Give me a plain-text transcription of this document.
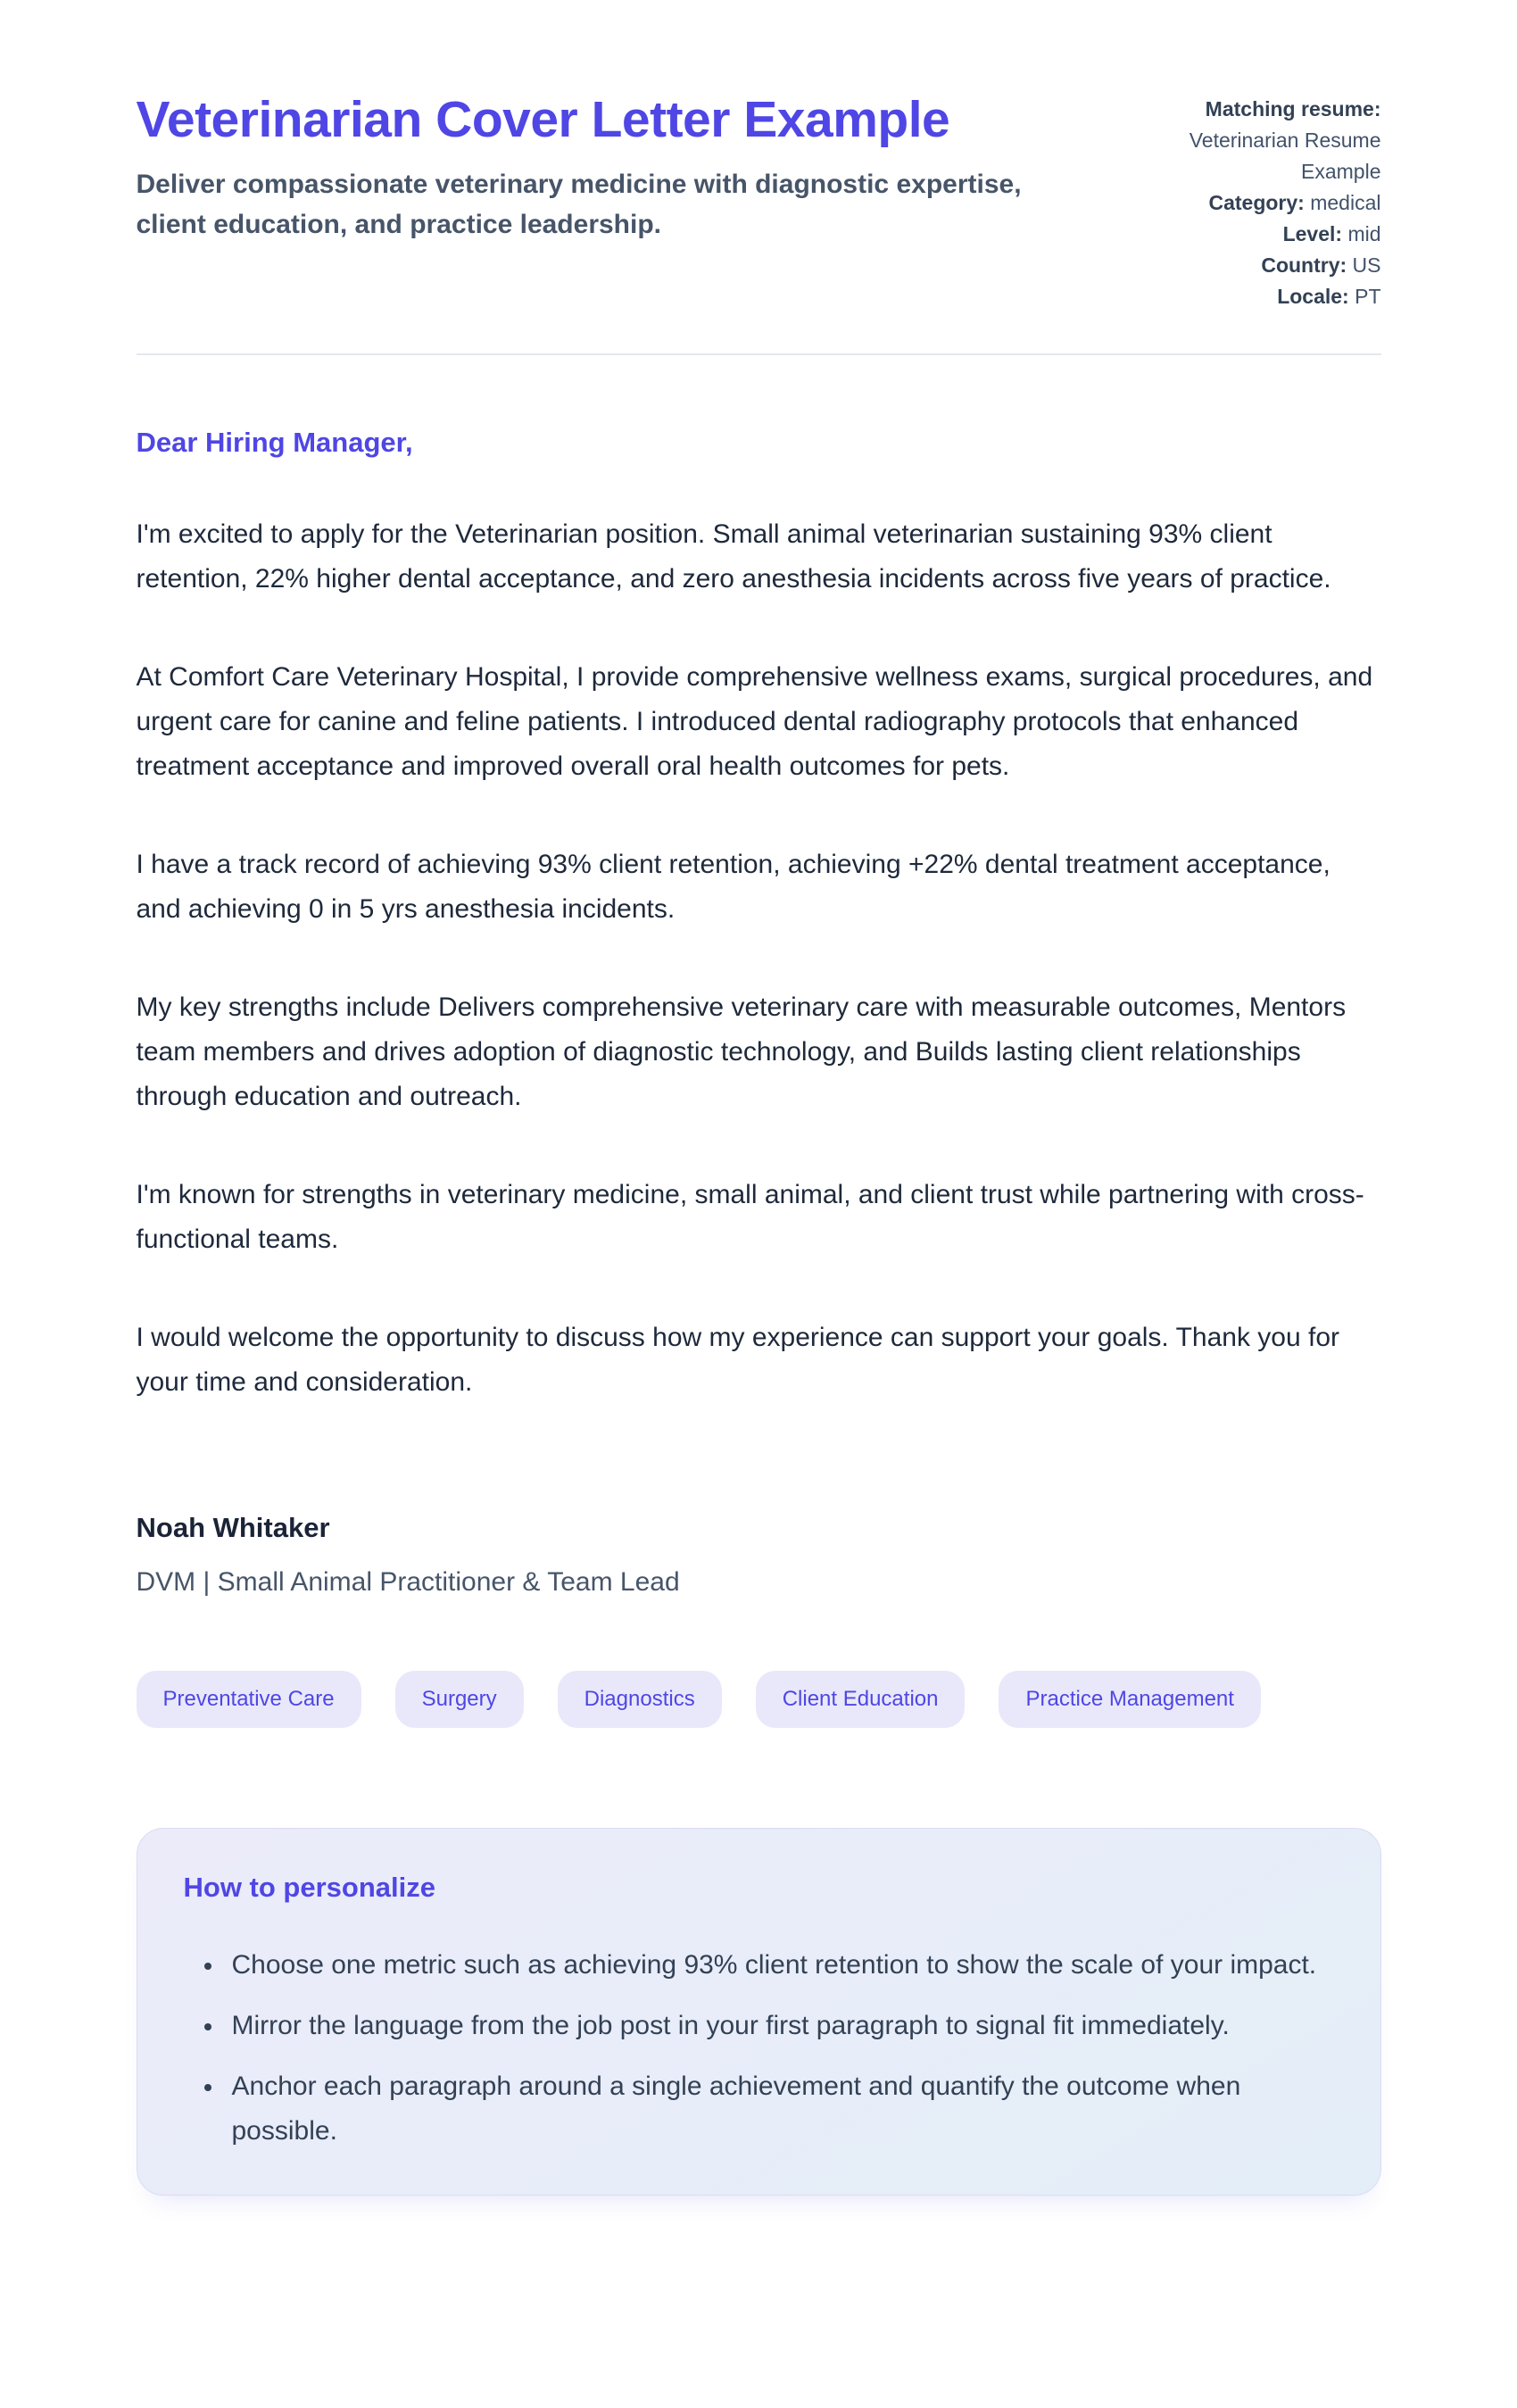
Veterinarian Cover Letter Example

Deliver compassionate veterinary medicine with diagnostic expertise, client education, and practice leadership.

Matching resume: Veterinarian Resume Example
Category: medical
Level: mid
Country: US
Locale: PT

Dear Hiring Manager,

I'm excited to apply for the Veterinarian position. Small animal veterinarian sustaining 93% client retention, 22% higher dental acceptance, and zero anesthesia incidents across five years of practice.

At Comfort Care Veterinary Hospital, I provide comprehensive wellness exams, surgical procedures, and urgent care for canine and feline patients. I introduced dental radiography protocols that enhanced treatment acceptance and improved overall oral health outcomes for pets.

I have a track record of achieving 93% client retention, achieving +22% dental treatment acceptance, and achieving 0 in 5 yrs anesthesia incidents.

My key strengths include Delivers comprehensive veterinary care with measurable outcomes, Mentors team members and drives adoption of diagnostic technology, and Builds lasting client relationships through education and outreach.

I'm known for strengths in veterinary medicine, small animal, and client trust while partnering with cross-functional teams.

I would welcome the opportunity to discuss how my experience can support your goals. Thank you for your time and consideration.

Noah Whitaker

DVM | Small Animal Practitioner & Team Lead

Preventative Care	Surgery	Diagnostics	Client Education	Practice Management
How to personalize
• Choose one metric such as achieving 93% client retention to show the scale of your impact.
• Mirror the language from the job post in your first paragraph to signal fit immediately.
• Anchor each paragraph around a single achievement and quantify the outcome when possible.
